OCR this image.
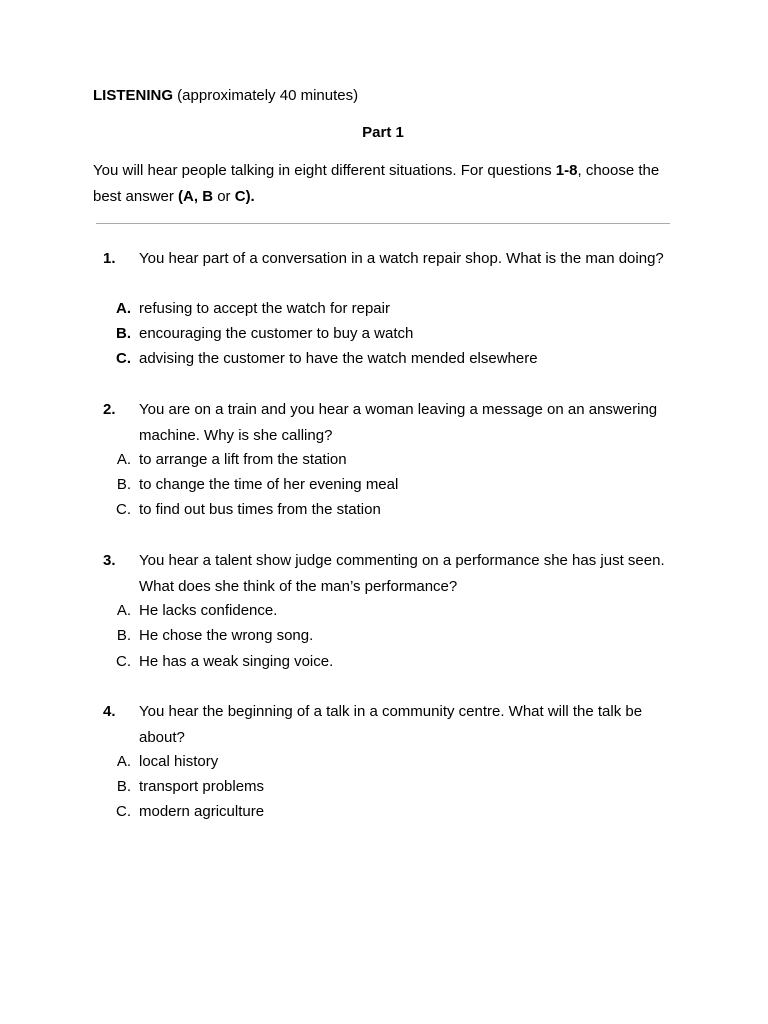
LISTENING (approximately 40 minutes)
Part 1
You will hear people talking in eight different situations. For questions 1-8, choose the best answer (A, B or C).
1. You hear part of a conversation in a watch repair shop. What is the man doing?
A. refusing to accept the watch for repair
B. encouraging the customer to buy a watch
C. advising the customer to have the watch mended elsewhere
2. You are on a train and you hear a woman leaving a message on an answering machine. Why is she calling?
A. to arrange a lift from the station
B. to change the time of her evening meal
C. to find out bus times from the station
3. You hear a talent show judge commenting on a performance she has just seen. What does she think of the man’s performance?
A. He lacks confidence.
B. He chose the wrong song.
C. He has a weak singing voice.
4. You hear the beginning of a talk in a community centre. What will the talk be about?
A. local history
B. transport problems
C. modern agriculture
